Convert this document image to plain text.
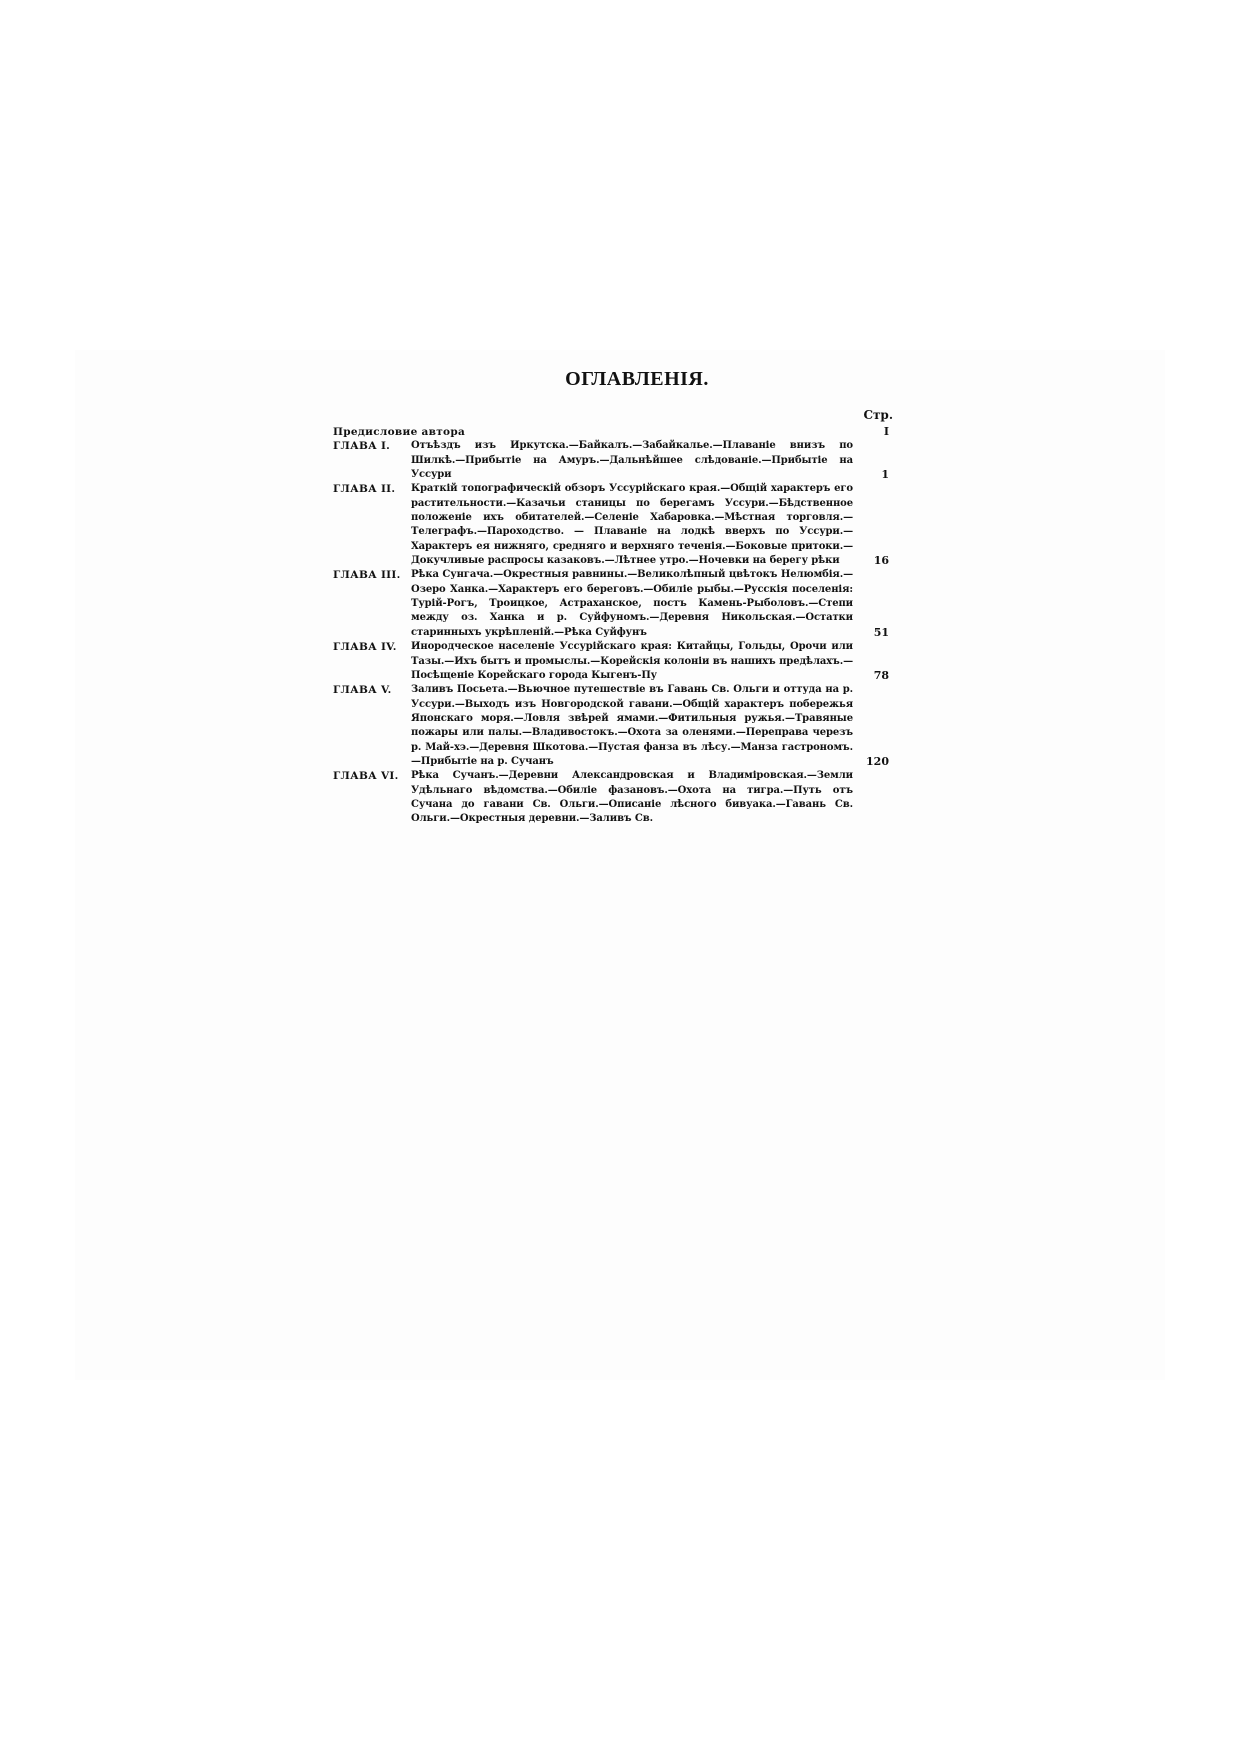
ОГЛАВЛЕНІЯ.
Стр.
Предисловие автора	I
ГЛАВА I.	Отъѣздъ изъ Иркутска.—Байкалъ.—Забайкалье.—Плаваніе внизъ по Шилкѣ.—Прибытіе на Амуръ.—Дальнѣйшее слѣдованіе.—Прибытіе на Уссури	1
ГЛАВА II.	Краткій топографическій обзоръ Уссурійскаго края.—Общій характеръ его растительности.—Казачьи станицы по берегамъ Уссури.—Бѣдственное положеніе ихъ обитателей.—Селеніе Хабаровка.—Мѣстная торговля.—Телеграфъ.—Пароходство. — Плаваніе на лодкѣ вверхъ по Уссури.—Характеръ ея нижняго, средняго и верхняго теченія.—Боковые притоки.—Докучливые распросы казаковъ.—Лѣтнее утро.—Ночевки на берегу рѣки	16
ГЛАВА III.	Рѣка Сунгача.—Окрестныя равнины.—Великолѣпный цвѣтокъ Нелюмбія.—Озеро Ханка.—Характеръ его береговъ.—Обиліе рыбы.—Русскія поселенія: Турій-Рогъ, Троицкое, Астраханское, постъ Камень-Рыболовъ.—Степи между оз. Ханка и р. Суйфуномъ.—Деревня Никольская.—Остатки старинныхъ укрѣпленій.—Рѣка Суйфунъ	51
ГЛАВА IV.	Инородческое населеніе Уссурійскаго края: Китайцы, Гольды, Орочи или Тазы.—Ихъ бытъ и промыслы.—Корейскія колоніи въ нашихъ предѣлахъ.—Посѣщеніе Корейскаго города Кыгенъ-Пу	78
ГЛАВА V.	Заливъ Посьета.—Вьючное путешествіе въ Гавань Св. Ольги и оттуда на р. Уссури.—Выходъ изъ Новгородской гавани.—Общій характеръ побережья Японскаго моря.—Ловля звѣрей ямами.—Фитильныя ружья.—Травяные пожары или палы.—Владивостокъ.—Охота за оленями.—Переправа черезъ р. Май-хэ.—Деревня Шкотова.—Пустая фанза въ лѣсу.—Манза гастрономъ.—Прибытіе на р. Сучанъ	120
ГЛАВА VI.	Рѣка Сучанъ.—Деревни Александровская и Владиміровская.—Земли Удѣльнаго вѣдомства.—Обиліе фазановъ.—Охота на тигра.—Путь отъ Сучана до гавани Св. Ольги.—Описаніе лѣсного бивуака.—Гавань Св. Ольги.—Окрестныя деревни.—Заливъ Св.
